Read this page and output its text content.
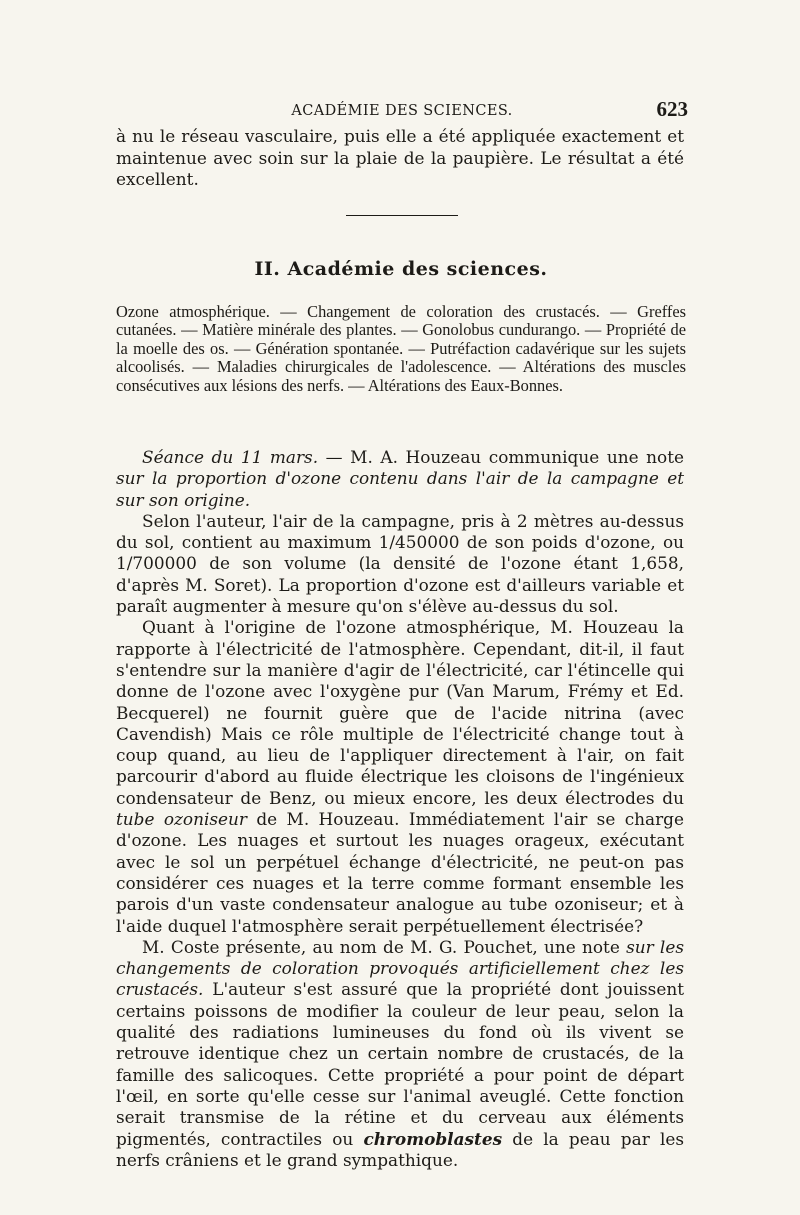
ACADÉMIE DES SCIENCES.	623

à nu le réseau vasculaire, puis elle a été appliquée exactement et maintenue avec soin sur la plaie de la paupière. Le résultat a été excellent.

II. Académie des sciences.
Ozone atmosphérique. — Changement de coloration des crustacés. — Greffes cutanées. — Matière minérale des plantes. — Gonolobus cundurango. — Propriété de la moelle des os. — Génération spontanée. — Putréfaction cadavérique sur les sujets alcoolisés. — Maladies chirurgicales de l'adolescence. — Altérations des muscles consécutives aux lésions des nerfs. — Altérations des Eaux-Bonnes.

Séance du 11 mars. — M. A. Houzeau communique une note sur la proportion d'ozone contenu dans l'air de la campagne et sur son origine.

Selon l'auteur, l'air de la campagne, pris à 2 mètres au-dessus du sol, contient au maximum 1/450000 de son poids d'ozone, ou 1/700000 de son volume (la densité de l'ozone étant 1,658, d'après M. Soret). La proportion d'ozone est d'ailleurs variable et paraît augmenter à mesure qu'on s'élève au-dessus du sol.

Quant à l'origine de l'ozone atmosphérique, M. Houzeau la rapporte à l'électricité de l'atmosphère. Cependant, dit-il, il faut s'entendre sur la manière d'agir de l'électricité, car l'étincelle qui donne de l'ozone avec l'oxygène pur (Van Marum, Frémy et Ed. Becquerel) ne fournit guère que de l'acide nitrina (avec Cavendish) Mais ce rôle multiple de l'électricité change tout à coup quand, au lieu de l'appliquer directement à l'air, on fait parcourir d'abord au fluide électrique les cloisons de l'ingénieux condensateur de Benz, ou mieux encore, les deux électrodes du tube ozoniseur de M. Houzeau. Immédiatement l'air se charge d'ozone. Les nuages et surtout les nuages orageux, exécutant avec le sol un perpétuel échange d'électricité, ne peut-on pas considérer ces nuages et la terre comme formant ensemble les parois d'un vaste condensateur analogue au tube ozoniseur; et à l'aide duquel l'atmosphère serait perpétuellement électrisée?

M. Coste présente, au nom de M. G. Pouchet, une note sur les changements de coloration provoqués artificiellement chez les crustacés. L'auteur s'est assuré que la propriété dont jouissent certains poissons de modifier la couleur de leur peau, selon la qualité des radiations lumineuses du fond où ils vivent se retrouve identique chez un certain nombre de crustacés, de la famille des salicoques. Cette propriété a pour point de départ l'œil, en sorte qu'elle cesse sur l'animal aveuglé. Cette fonction serait transmise de la rétine et du cerveau aux éléments pigmentés, contractiles ou chromoblastes de la peau par les nerfs crâniens et le grand sympathique.
